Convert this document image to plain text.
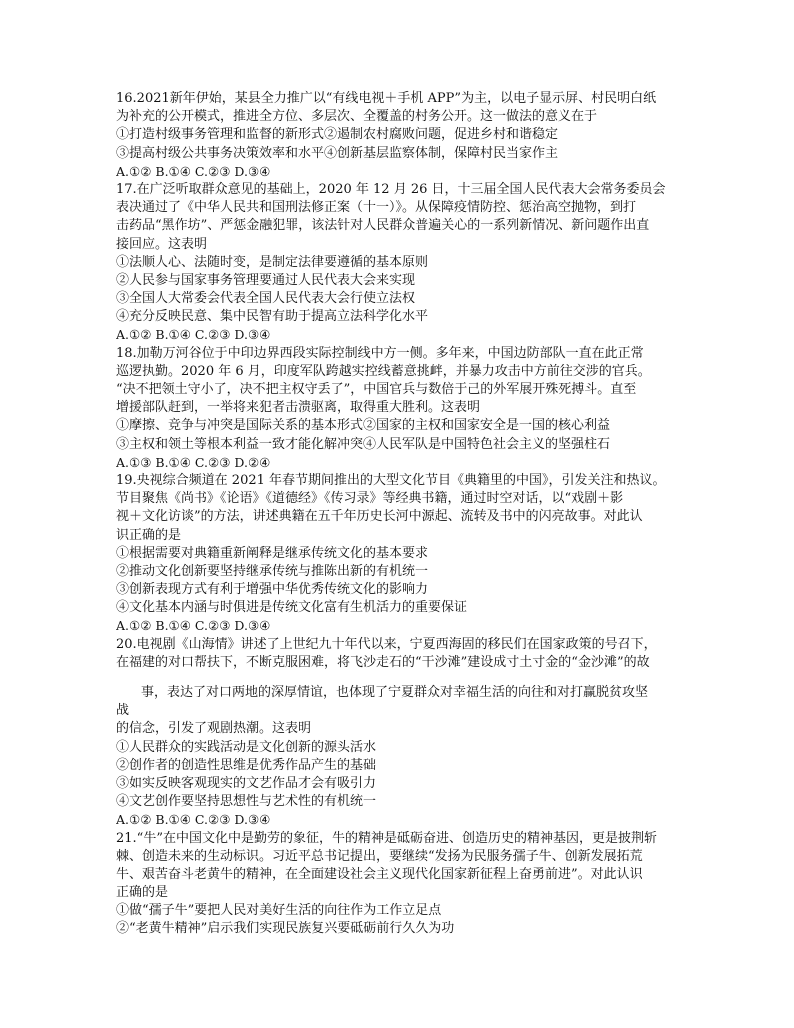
16.2021新年伊始，某县全力推广以“有线电视＋手机 APP”为主，以电子显示屏、村民明白纸
为补充的公开模式，推进全方位、多层次、全覆盖的村务公开。这一做法的意义在于
①打造村级事务管理和监督的新形式②遏制农村腐败问题，促进乡村和谐稳定
③提高村级公共事务决策效率和水平④创新基层监察体制，保障村民当家作主
A.①② B.①④ C.②③ D.③④
17.在广泛听取群众意见的基础上，2020 年 12 月 26 日，十三届全国人民代表大会常务委员会
表决通过了《中华人民共和国刑法修正案（十一）》。从保障疫情防控、惩治高空抛物，到打
击药品“黑作坊”、严惩金融犯罪，该法针对人民群众普遍关心的一系列新情况、新问题作出直
接回应。这表明
①法顺人心、法随时变，是制定法律要遵循的基本原则
②人民参与国家事务管理要通过人民代表大会来实现
③全国人大常委会代表全国人民代表大会行使立法权
④充分反映民意、集中民智有助于提高立法科学化水平
A.①② B.①④ C.②③ D.③④
18.加勒万河谷位于中印边界西段实际控制线中方一侧。多年来，中国边防部队一直在此正常
巡逻执勤。2020 年 6 月，印度军队跨越实控线蓄意挑衅，并暴力攻击中方前往交涉的官兵。
“决不把领土守小了，决不把主权守丢了”，中国官兵与数倍于己的外军展开殊死搏斗。直至
增援部队赶到，一举将来犯者击溃驱离，取得重大胜利。这表明
①摩擦、竞争与冲突是国际关系的基本形式②国家的主权和国家安全是一国的核心利益
③主权和领土等根本利益一致才能化解冲突④人民军队是中国特色社会主义的坚强柱石
A.①③ B.①④ C.②③ D.②④
19.央视综合频道在 2021 年春节期间推出的大型文化节目《典籍里的中国》，引发关注和热议。
节目聚焦《尚书》《论语》《道德经》《传习录》等经典书籍，通过时空对话，以“戏剧＋影
视＋文化访谈”的方法，讲述典籍在五千年历史长河中源起、流转及书中的闪亮故事。对此认
识正确的是
①根据需要对典籍重新阐释是继承传统文化的基本要求
②推动文化创新要坚持继承传统与推陈出新的有机统一
③创新表现方式有利于增强中华优秀传统文化的影响力
④文化基本内涵与时俱进是传统文化富有生机活力的重要保证
A.①② B.①④ C.②③ D.③④
20.电视剧《山海情》讲述了上世纪九十年代以来，宁夏西海固的移民们在国家政策的号召下，
在福建的对口帮扶下，不断克服困难，将飞沙走石的“干沙滩”建设成寸土寸金的“金沙滩”的故
事，表达了对口两地的深厚情谊，也体现了宁夏群众对幸福生活的向往和对打赢脱贫攻坚
战
的信念，引发了观剧热潮。这表明
①人民群众的实践活动是文化创新的源头活水
②创作者的创造性思维是优秀作品产生的基础
③如实反映客观现实的文艺作品才会有吸引力
④文艺创作要坚持思想性与艺术性的有机统一
A.①② B.①④ C.②③ D.③④
21.“牛”在中国文化中是勤劳的象征，牛的精神是砥砺奋进、创造历史的精神基因，更是披荆斩
棘、创造未来的生动标识。习近平总书记提出，要继续“发扬为民服务孺子牛、创新发展拓荒
牛、艰苦奋斗老黄牛的精神，在全面建设社会主义现代化国家新征程上奋勇前进”。对此认识
正确的是
①做“孺子牛”要把人民对美好生活的向往作为工作立足点
②“老黄牛精神”启示我们实现民族复兴要砥砺前行久久为功
